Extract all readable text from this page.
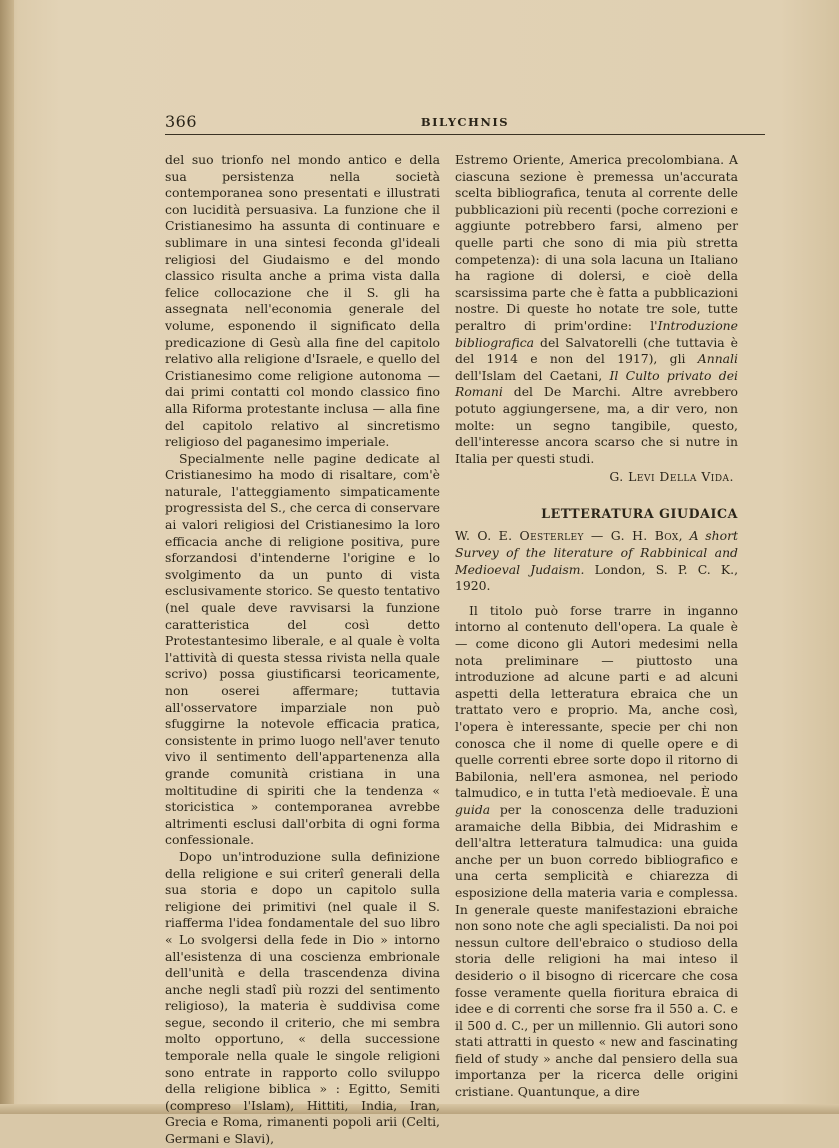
366	BILYCHNIS

del suo trionfo nel mondo antico e della sua persistenza nella società contemporanea sono presentati e illustrati con lucidità persuasiva. La funzione che il Cristianesimo ha assunta di continuare e sublimare in una sintesi feconda gl'ideali religiosi del Giudaismo e del mondo classico risulta anche a prima vista dalla felice collocazione che il S. gli ha assegnata nell'economia generale del volume, esponendo il significato della predicazione di Gesù alla fine del capitolo relativo alla religione d'Israele, e quello del Cristianesimo come religione autonoma — dai primi contatti col mondo classico fino alla Riforma protestante inclusa — alla fine del capitolo relativo al sincretismo religioso del paganesimo imperiale.

Specialmente nelle pagine dedicate al Cristianesimo ha modo di risaltare, com'è naturale, l'atteggiamento simpaticamente progressista del S., che cerca di conservare ai valori religiosi del Cristianesimo la loro efficacia anche di religione positiva, pure sforzandosi d'intenderne l'origine e lo svolgimento da un punto di vista esclusivamente storico. Se questo tentativo (nel quale deve ravvisarsi la funzione caratteristica del così detto Protestantesimo liberale, e al quale è volta l'attività di questa stessa rivista nella quale scrivo) possa giustificarsi teoricamente, non oserei affermare; tuttavia all'osservatore imparziale non può sfuggirne la notevole efficacia pratica, consistente in primo luogo nell'aver tenuto vivo il sentimento dell'appartenenza alla grande comunità cristiana in una moltitudine di spiriti che la tendenza « storicistica » contemporanea avrebbe altrimenti esclusi dall'orbita di ogni forma confessionale.

Dopo un'introduzione sulla definizione della religione e sui criterî generali della sua storia e dopo un capitolo sulla religione dei primitivi (nel quale il S. riafferma l'idea fondamentale del suo libro « Lo svolgersi della fede in Dio » intorno all'esistenza di una coscienza embrionale dell'unità e della trascendenza divina anche negli stadî più rozzi del sentimento religioso), la materia è suddivisa come segue, secondo il criterio, che mi sembra molto opportuno, « della successione temporale nella quale le singole religioni sono entrate in rapporto collo sviluppo della religione biblica » : Egitto, Semiti (compreso l'Islam), Hittiti, India, Iran, Grecia e Roma, rimanenti popoli arii (Celti, Germani e Slavi),

Estremo Oriente, America precolombiana. A ciascuna sezione è premessa un'accurata scelta bibliografica, tenuta al corrente delle pubblicazioni più recenti (poche correzioni e aggiunte potrebbero farsi, almeno per quelle parti che sono di mia più stretta competenza): di una sola lacuna un Italiano ha ragione di dolersi, e cioè della scarsissima parte che è fatta a pubblicazioni nostre. Di queste ho notate tre sole, tutte peraltro di prim'ordine: l'Introduzione bibliografica del Salvatorelli (che tuttavia è del 1914 e non del 1917), gli Annali dell'Islam del Caetani, Il Culto privato dei Romani del De Marchi. Altre avrebbero potuto aggiungersene, ma, a dir vero, non molte: un segno tangibile, questo, dell'interesse ancora scarso che si nutre in Italia per questi studi.

G. Levi Della Vida.

LETTERATURA GIUDAICA

W. O. E. Oesterley — G. H. Box, A short Survey of the literature of Rabbinical and Medioeval Judaism. London, S. P. C. K., 1920.

Il titolo può forse trarre in inganno intorno al contenuto dell'opera. La quale è — come dicono gli Autori medesimi nella nota preliminare — piuttosto una introduzione ad alcune parti e ad alcuni aspetti della letteratura ebraica che un trattato vero e proprio. Ma, anche così, l'opera è interessante, specie per chi non conosca che il nome di quelle opere e di quelle correnti ebree sorte dopo il ritorno di Babilonia, nell'era asmonea, nel periodo talmudico, e in tutta l'età medioevale. È una guida per la conoscenza delle traduzioni aramaiche della Bibbia, dei Midrashim e dell'altra letteratura talmudica: una guida anche per un buon corredo bibliografico e una certa semplicità e chiarezza di esposizione della materia varia e complessa. In generale queste manifestazioni ebraiche non sono note che agli specialisti. Da noi poi nessun cultore dell'ebraico o studioso della storia delle religioni ha mai inteso il desiderio o il bisogno di ricercare che cosa fosse veramente quella fioritura ebraica di idee e di correnti che sorse fra il 550 a. C. e il 500 d. C., per un millennio. Gli autori sono stati attratti in questo « new and fascinating field of study » anche dal pensiero della sua importanza per la ricerca delle origini cristiane. Quantunque, a dire
